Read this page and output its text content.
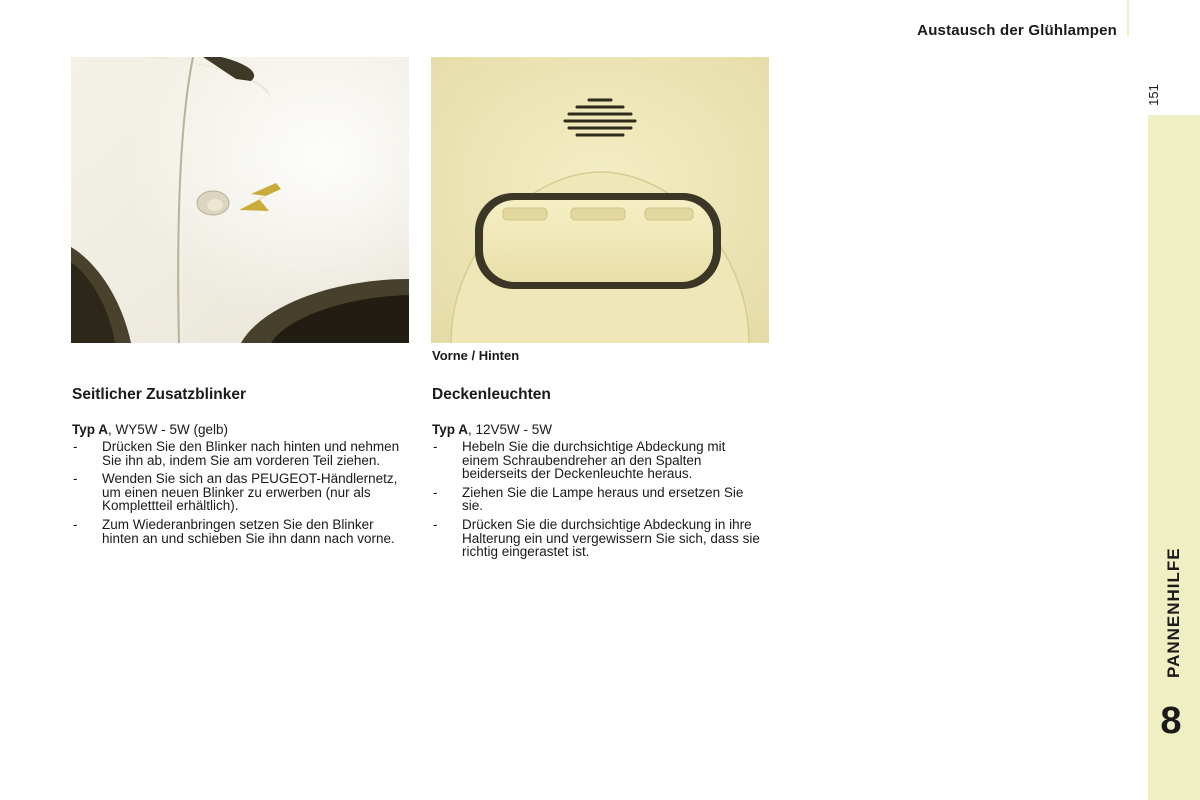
Austausch der Glühlampen
151
PANNENHILFE
8
Vorne / Hinten
Seitlicher Zusatzblinker

Typ A, WY5W - 5W (gelb)

- Drücken Sie den Blinker nach hinten und nehmen Sie ihn ab, indem Sie am vorderen Teil ziehen.
- Wenden Sie sich an das PEUGEOT-Händlernetz, um einen neuen Blinker zu erwerben (nur als Komplettteil erhältlich).
- Zum Wiederanbringen setzen Sie den Blinker hinten an und schieben Sie ihn dann nach vorne.
Deckenleuchten

Typ A, 12V5W - 5W

- Hebeln Sie die durchsichtige Abdeckung mit einem Schraubendreher an den Spalten beiderseits der Deckenleuchte heraus.
- Ziehen Sie die Lampe heraus und ersetzen Sie sie.
- Drücken Sie die durchsichtige Abdeckung in ihre Halterung ein und vergewissern Sie sich, dass sie richtig eingerastet ist.
